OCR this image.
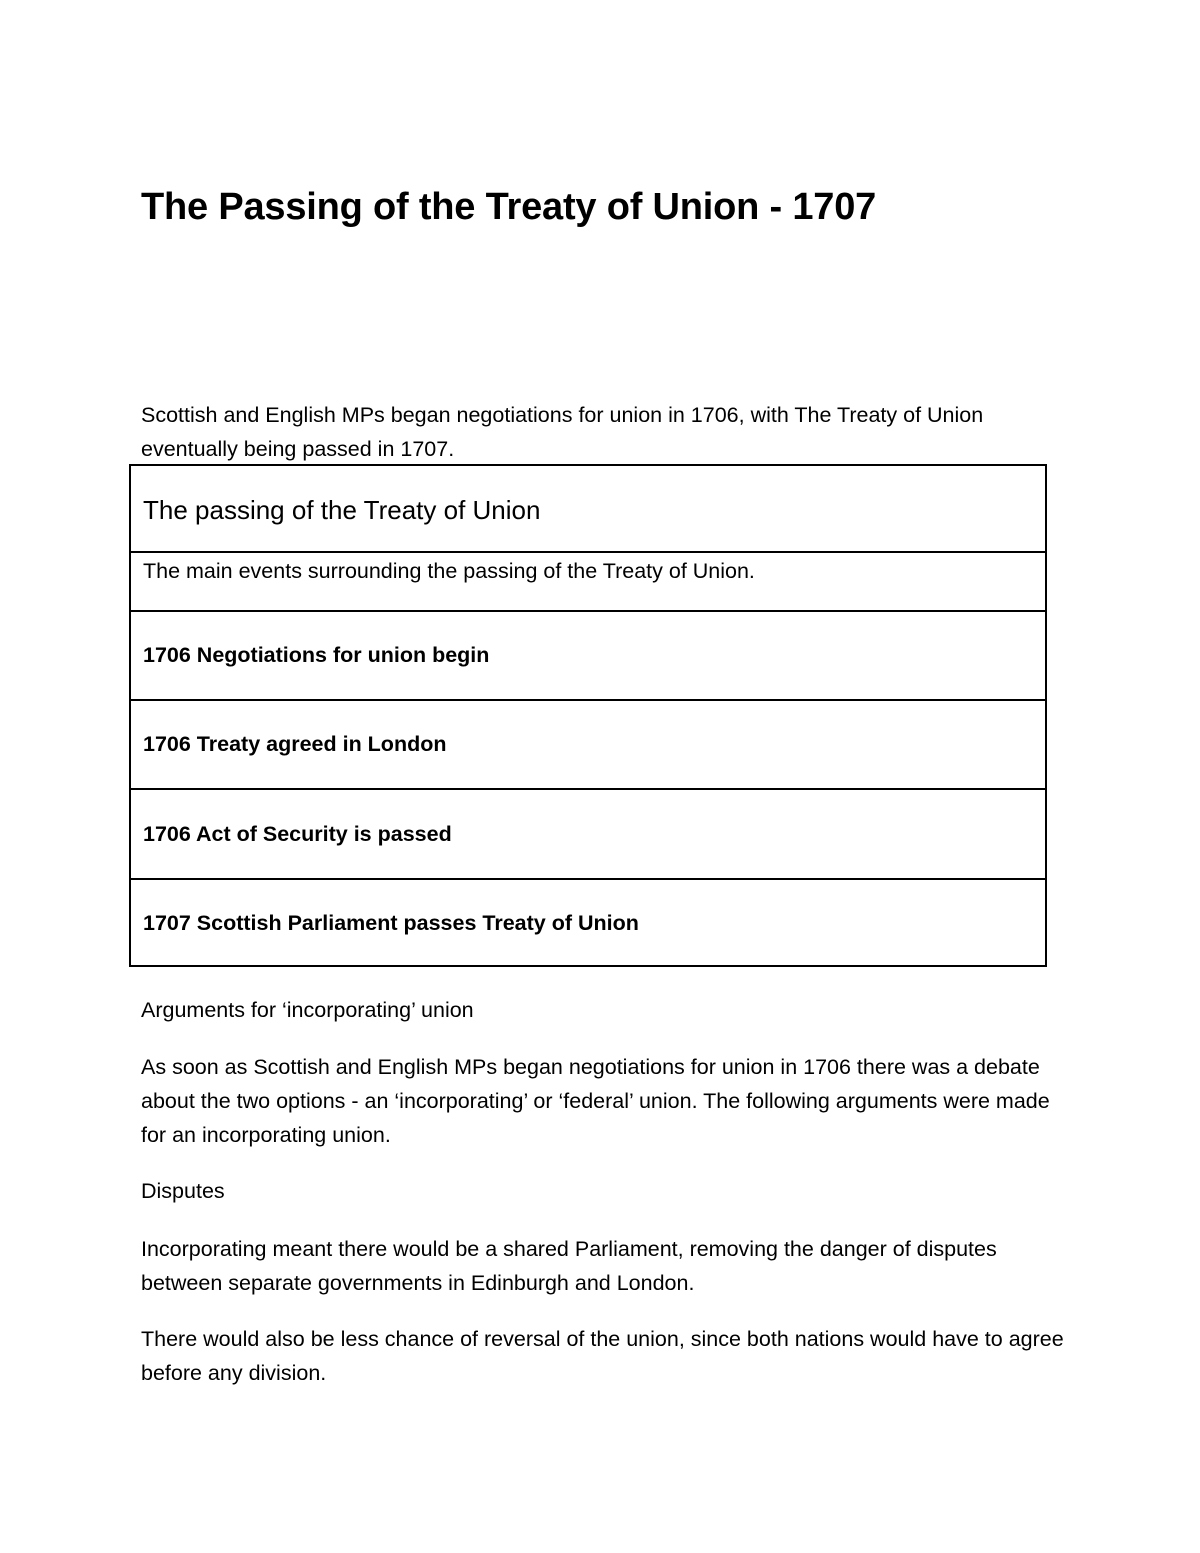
The Passing of the Treaty of Union - 1707

Scottish and English MPs began negotiations for union in 1706, with The Treaty of Union eventually being passed in 1707.

The passing of the Treaty of Union
The main events surrounding the passing of the Treaty of Union.
1706 Negotiations for union begin
1706 Treaty agreed in London
1706 Act of Security is passed
1707 Scottish Parliament passes Treaty of Union

Arguments for ‘incorporating’ union

As soon as Scottish and English MPs began negotiations for union in 1706 there was a debate about the two options - an ‘incorporating’ or ‘federal’ union. The following arguments were made for an incorporating union.

Disputes

Incorporating meant there would be a shared Parliament, removing the danger of disputes between separate governments in Edinburgh and London.

There would also be less chance of reversal of the union, since both nations would have to agree before any division.
